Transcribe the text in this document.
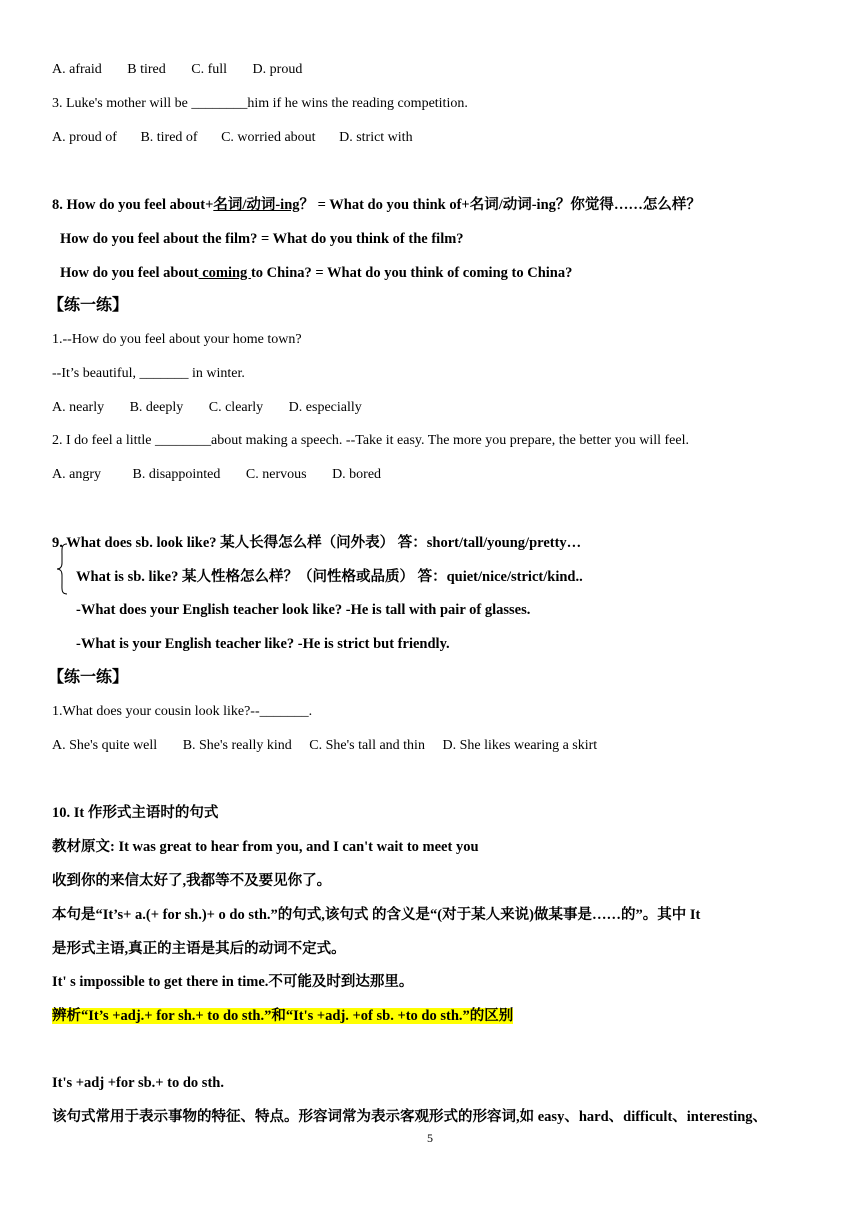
A. afraid B tired C. full D. proud
3. Luke's mother will be ________him if he wins the reading competition.
A. proud of B. tired of C. worried about D. strict with
8. How do you feel about+名词/动词-ing？ = What do you think of+名词/动词-ing？你觉得……怎么样？
How do you feel about the film? = What do you think of the film?
How do you feel about coming to China? = What do you think of coming to China?
【练一练】
1.--How do you feel about your home town?
--It’s beautiful, _______ in winter.
A. nearly B. deeply C. clearly D. especially
2. I do feel a little ________about making a speech. --Take it easy. The more you prepare, the better you will feel.
A. angry B. disappointed C. nervous D. bored
9. What does sb. look like? 某人长得怎么样（问外表） 答：short/tall/young/pretty…
What is sb. like? 某人性格怎么样？（问性格或品质） 答：quiet/nice/strict/kind..
-What does your English teacher look like? -He is tall with pair of glasses.
-What is your English teacher like? -He is strict but friendly.
【练一练】
1.What does your cousin look like?--_______.
A. She's quite well B. She's really kind C. She's tall and thin D. She likes wearing a skirt
10. It 作形式主语时的句式
教材原文: It was great to hear from you, and I can't wait to meet you
收到你的来信太好了,我都等不及要见你了。
本句是“It’s+ a.(+ for sh.)+ o do sth.”的句式,该句式 的含义是“(对于某人来说)做某事是……的”。其中 It
是形式主语,真正的主语是其后的动词不定式。
It' s impossible to get there in time.不可能及时到达那里。
辨析“It’s +adj.+ for sh.+ to do sth.”和“It's +adj. +of sb. +to do sth.”的区别
It's +adj +for sb.+ to do sth.
该句式常用于表示事物的特征、特点。形容词常为表示客观形式的形容词,如 easy、hard、difficult、interesting、
5
